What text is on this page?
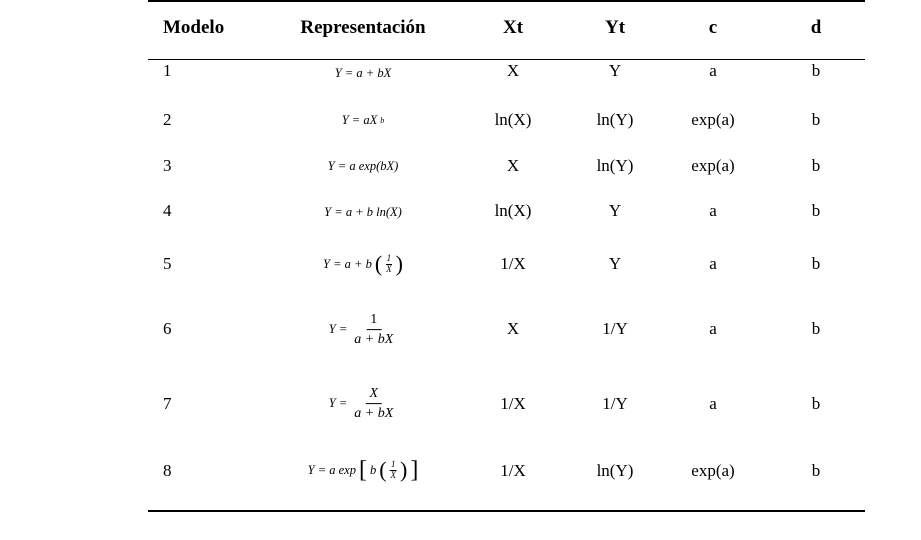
Modelo	Representación	Xt	Yt	c	d
1	Y = a + bX	X	Y	a	b
2	Y = aX b	ln(X)	ln(Y)	exp(a)	b
3	Y = a exp(bX)	X	ln(Y)	exp(a)	b
4	Y = a + b ln(X)	ln(X)	Y	a	b
5	Y = a + b ( $\frac{1}{X}$ )	1/X	Y	a	b
6	$Y = \frac{1}{a + bX}$	X	1/Y	a	b
7	$Y = \frac{X}{a + bX}$	1/X	1/Y	a	b
8	Y = a exp [ b ( $\frac{1}{X}$ ) ]	1/X	ln(Y)	exp(a)	b
